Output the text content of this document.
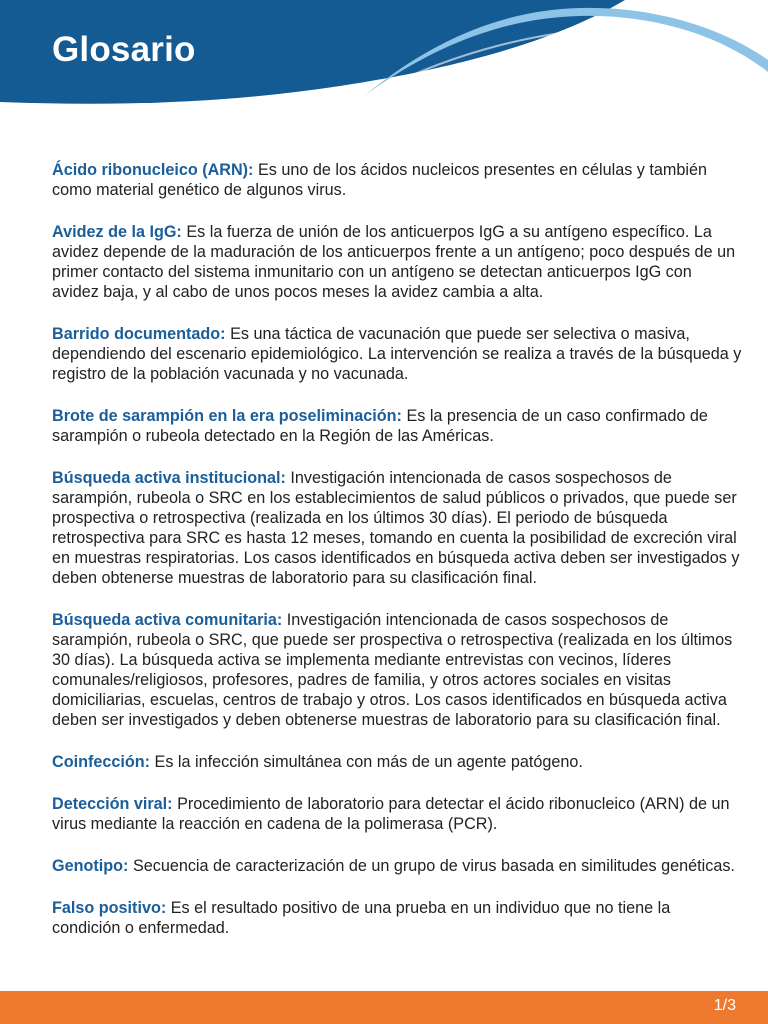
Glosario

Ácido ribonucleico (ARN): Es uno de los ácidos nucleicos presentes en células y también como material genético de algunos virus.

Avidez de la IgG: Es la fuerza de unión de los anticuerpos IgG a su antígeno específico. La avidez depende de la maduración de los anticuerpos frente a un antígeno; poco después de un primer contacto del sistema inmunitario con un antígeno se detectan anticuerpos IgG con avidez baja, y al cabo de unos pocos meses la avidez cambia a alta.

Barrido documentado: Es una táctica de vacunación que puede ser selectiva o masiva, dependiendo del escenario epidemiológico. La intervención se realiza a través de la búsqueda y registro de la población vacunada y no vacunada.

Brote de sarampión en la era poseliminación: Es la presencia de un caso confirmado de sarampión o rubeola detectado en la Región de las Américas.

Búsqueda activa institucional: Investigación intencionada de casos sospechosos de sarampión, rubeola o SRC en los establecimientos de salud públicos o privados, que puede ser prospectiva o retrospectiva (realizada en los últimos 30 días). El periodo de búsqueda retrospectiva para SRC es hasta 12 meses, tomando en cuenta la posibilidad de excreción viral en muestras respiratorias. Los casos identificados en búsqueda activa deben ser investigados y deben obtenerse muestras de laboratorio para su clasificación final.

Búsqueda activa comunitaria: Investigación intencionada de casos sospechosos de sarampión, rubeola o SRC, que puede ser prospectiva o retrospectiva (realizada en los últimos 30 días). La búsqueda activa se implementa mediante entrevistas con vecinos, líderes comunales/religiosos, profesores, padres de familia, y otros actores sociales en visitas domiciliarias, escuelas, centros de trabajo y otros. Los casos identificados en búsqueda activa deben ser investigados y deben obtenerse muestras de laboratorio para su clasificación final.

Coinfección: Es la infección simultánea con más de un agente patógeno.

Detección viral: Procedimiento de laboratorio para detectar el ácido ribonucleico (ARN) de un virus mediante la reacción en cadena de la polimerasa (PCR).

Genotipo: Secuencia de caracterización de un grupo de virus basada en similitudes genéticas.

Falso positivo: Es el resultado positivo de una prueba en un individuo que no tiene la condición o enfermedad.

1/3
